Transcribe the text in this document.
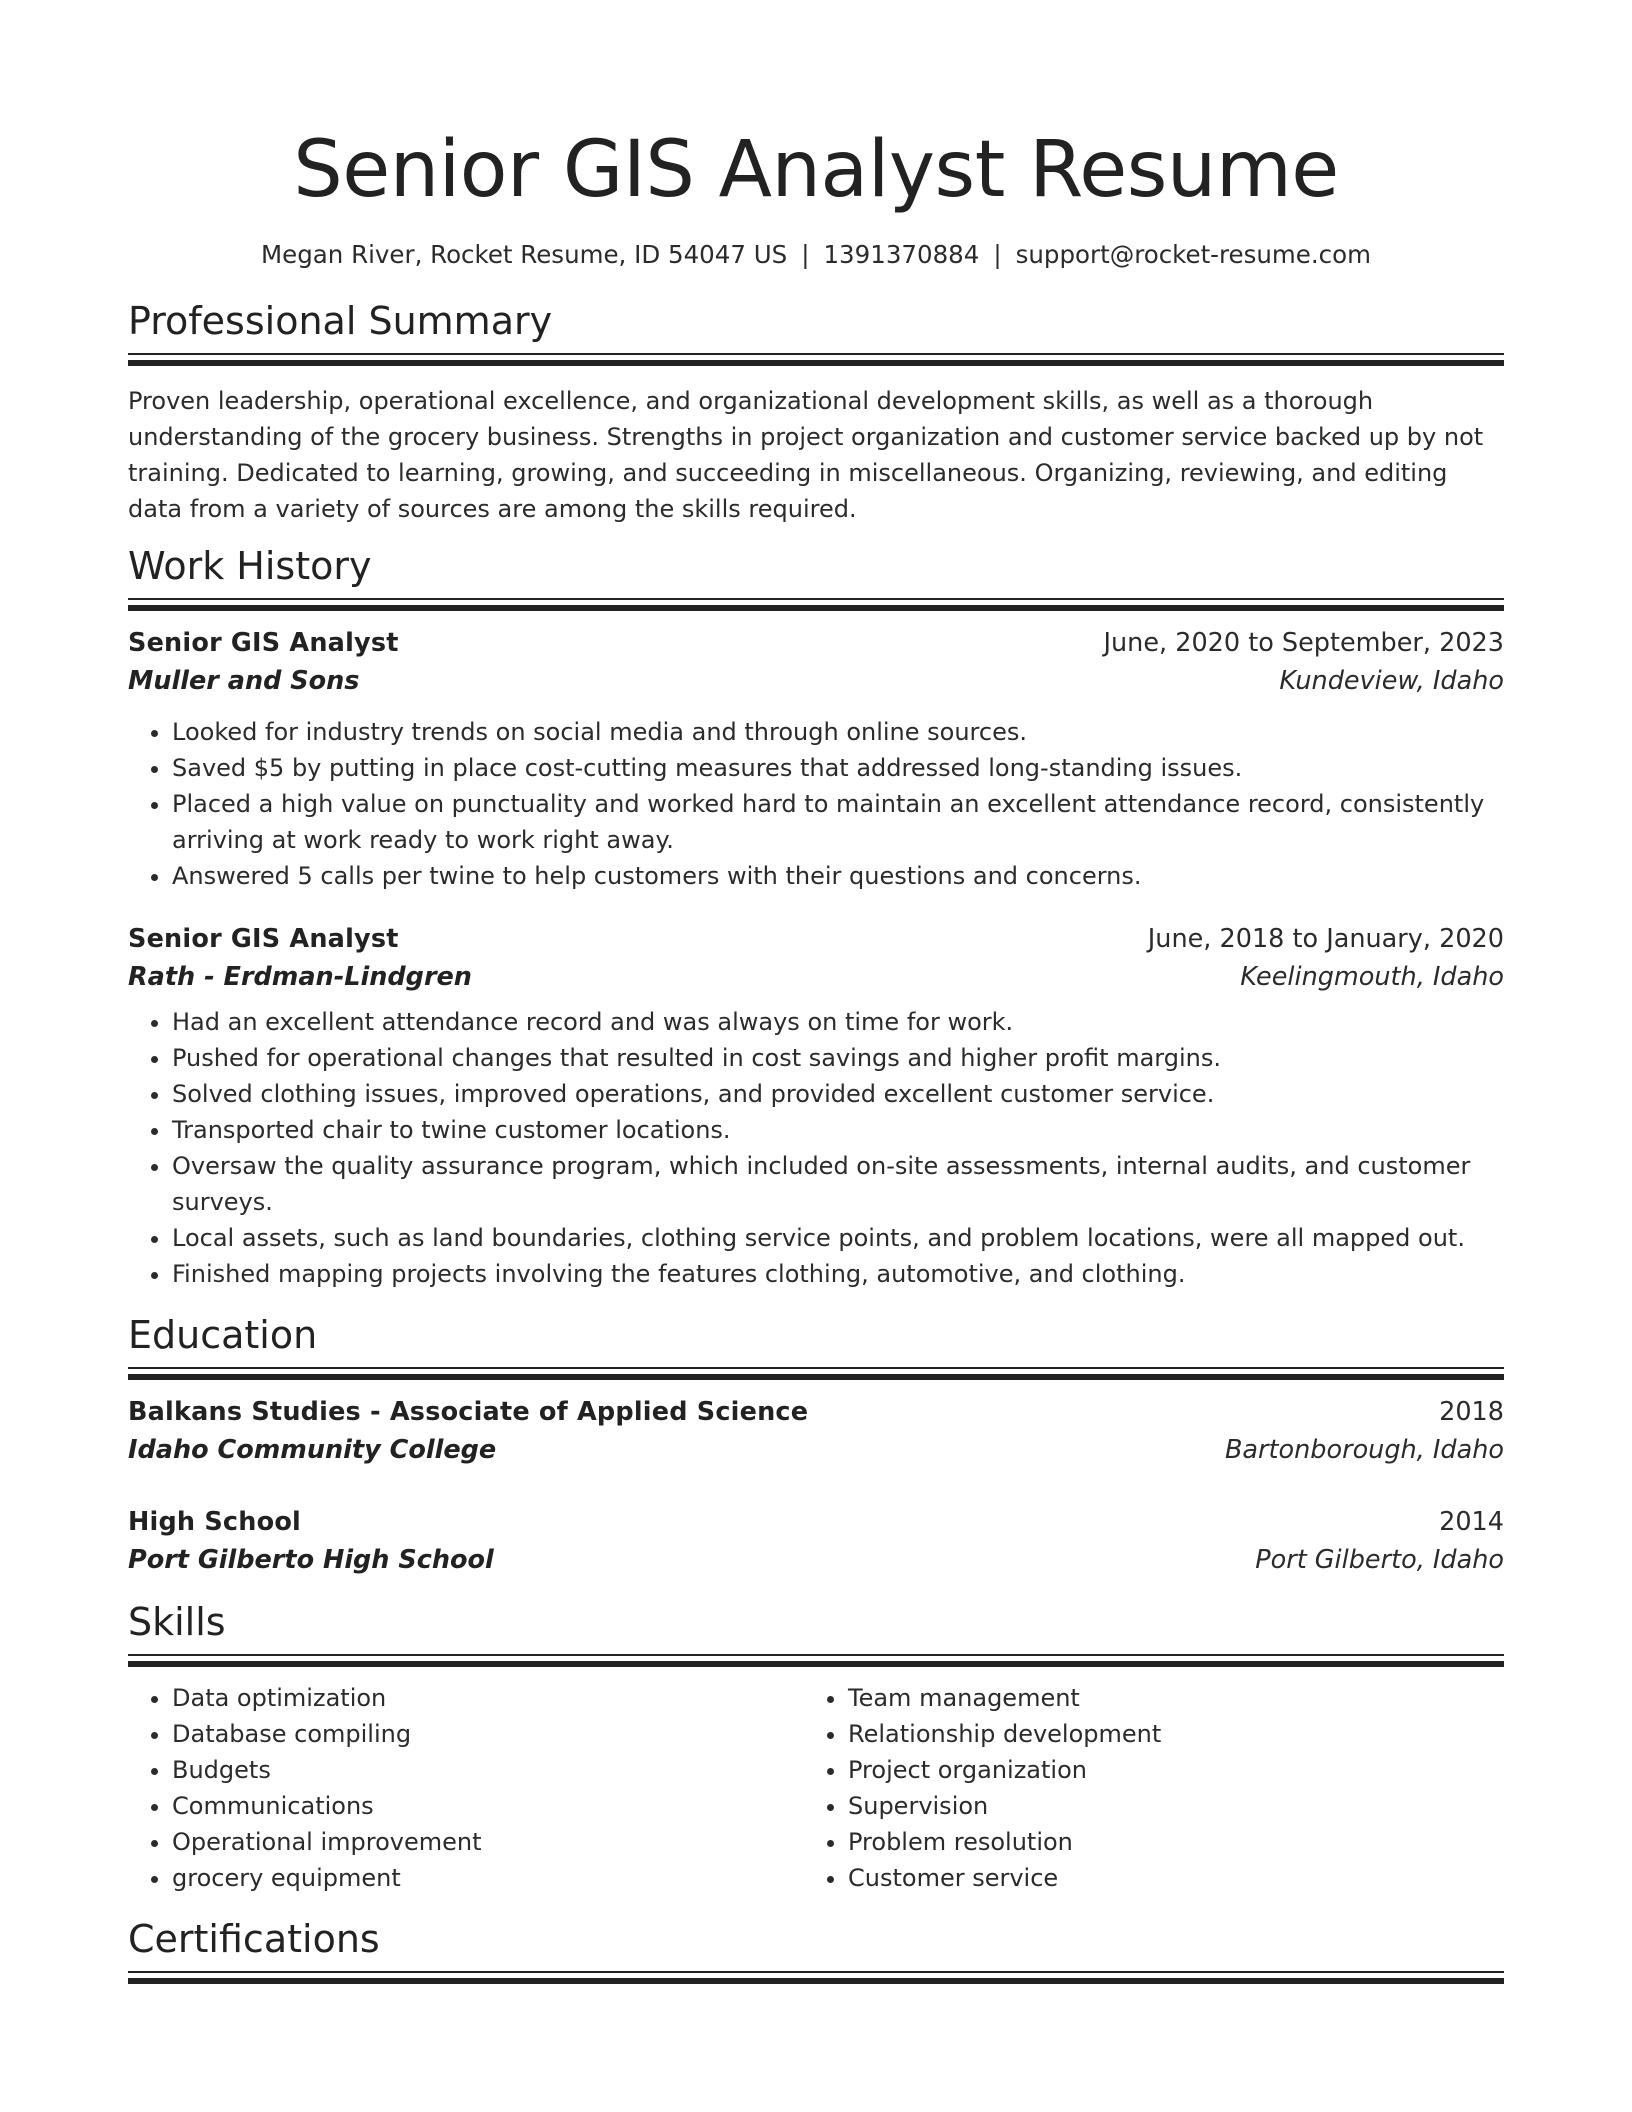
Senior GIS Analyst Resume
Megan River, Rocket Resume, ID 54047 US | 1391370884 | support@rocket-resume.com
Professional Summary

Proven leadership, operational excellence, and organizational development skills, as well as a thorough understanding of the grocery business. Strengths in project organization and customer service backed up by not training. Dedicated to learning, growing, and succeeding in miscellaneous. Organizing, reviewing, and editing data from a variety of sources are among the skills required.

Work History
Senior GIS Analyst	June, 2020 to September, 2023
Muller and Sons	Kundeview, Idaho
• Looked for industry trends on social media and through online sources.
• Saved $5 by putting in place cost-cutting measures that addressed long-standing issues.
• Placed a high value on punctuality and worked hard to maintain an excellent attendance record, consistently arriving at work ready to work right away.
• Answered 5 calls per twine to help customers with their questions and concerns.
Senior GIS Analyst	June, 2018 to January, 2020
Rath - Erdman-Lindgren	Keelingmouth, Idaho
• Had an excellent attendance record and was always on time for work.
• Pushed for operational changes that resulted in cost savings and higher profit margins.
• Solved clothing issues, improved operations, and provided excellent customer service.
• Transported chair to twine customer locations.
• Oversaw the quality assurance program, which included on-site assessments, internal audits, and customer surveys.
• Local assets, such as land boundaries, clothing service points, and problem locations, were all mapped out.
• Finished mapping projects involving the features clothing, automotive, and clothing.
Education
Balkans Studies - Associate of Applied Science	2018
Idaho Community College	Bartonborough, Idaho
High School	2014
Port Gilberto High School	Port Gilberto, Idaho
Skills
• Data optimization
• Database compiling
• Budgets
• Communications
• Operational improvement
• grocery equipment
• Team management
• Relationship development
• Project organization
• Supervision
• Problem resolution
• Customer service
Certifications
